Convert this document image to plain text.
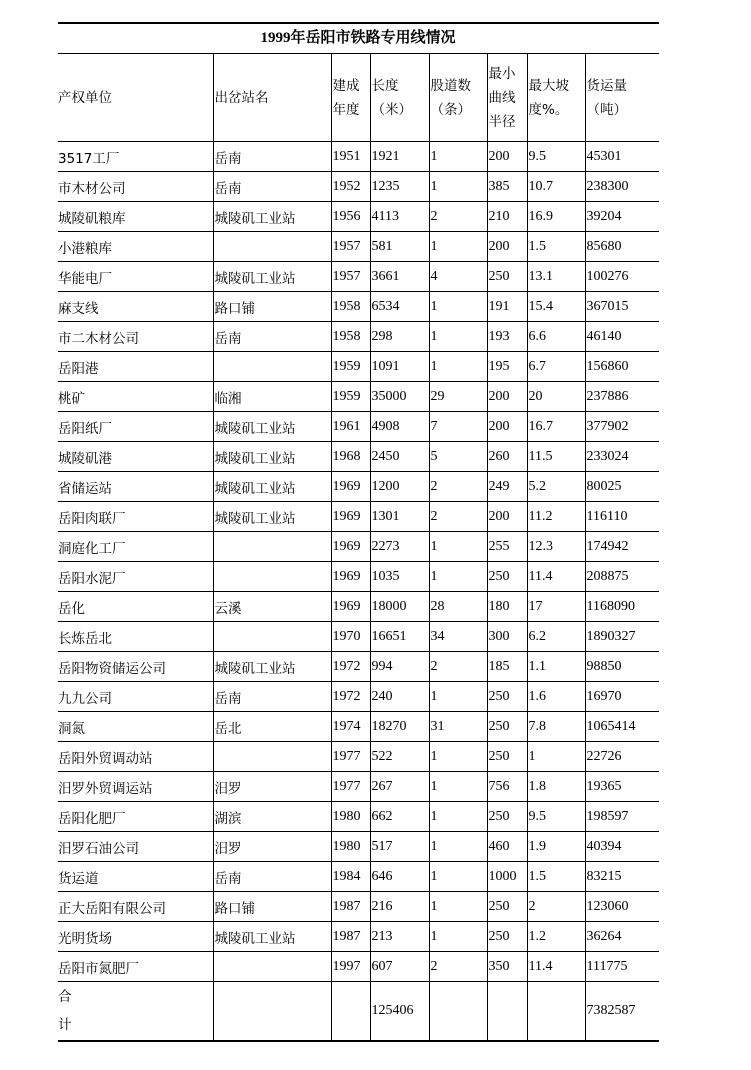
1999年岳阳市铁路专用线情况
产权单位	出岔站名	建成年度	长度（米）	股道数（条）	最小曲线半径	最大坡度%。	货运量（吨）
3517工厂	岳南	1951	1921	1	200	9.5	45301
市木材公司	岳南	1952	1235	1	385	10.7	238300
城陵矶粮库	城陵矶工业站	1956	4113	2	210	16.9	39204
小港粮库		1957	581	1	200	1.5	85680
华能电厂	城陵矶工业站	1957	3661	4	250	13.1	100276
麻支线	路口铺	1958	6534	1	191	15.4	367015
市二木材公司	岳南	1958	298	1	193	6.6	46140
岳阳港		1959	1091	1	195	6.7	156860
桃矿	临湘	1959	35000	29	200	20	237886
岳阳纸厂	城陵矶工业站	1961	4908	7	200	16.7	377902
城陵矶港	城陵矶工业站	1968	2450	5	260	11.5	233024
省储运站	城陵矶工业站	1969	1200	2	249	5.2	80025
岳阳肉联厂	城陵矶工业站	1969	1301	2	200	11.2	116110
洞庭化工厂		1969	2273	1	255	12.3	174942
岳阳水泥厂		1969	1035	1	250	11.4	208875
岳化	云溪	1969	18000	28	180	17	1168090
长炼岳北		1970	16651	34	300	6.2	1890327
岳阳物资储运公司	城陵矶工业站	1972	994	2	185	1.1	98850
九九公司	岳南	1972	240	1	250	1.6	16970
洞氮	岳北	1974	18270	31	250	7.8	1065414
岳阳外贸调动站		1977	522	1	250	1	22726
汨罗外贸调运站	汨罗	1977	267	1	756	1.8	19365
岳阳化肥厂	湖滨	1980	662	1	250	9.5	198597
汨罗石油公司	汨罗	1980	517	1	460	1.9	40394
货运道	岳南	1984	646	1	1000	1.5	83215
正大岳阳有限公司	路口铺	1987	216	1	250	2	123060
光明货场	城陵矶工业站	1987	213	1	250	1.2	36264
岳阳市氮肥厂		1997	607	2	350	11.4	111775

合计			125406				7382587
